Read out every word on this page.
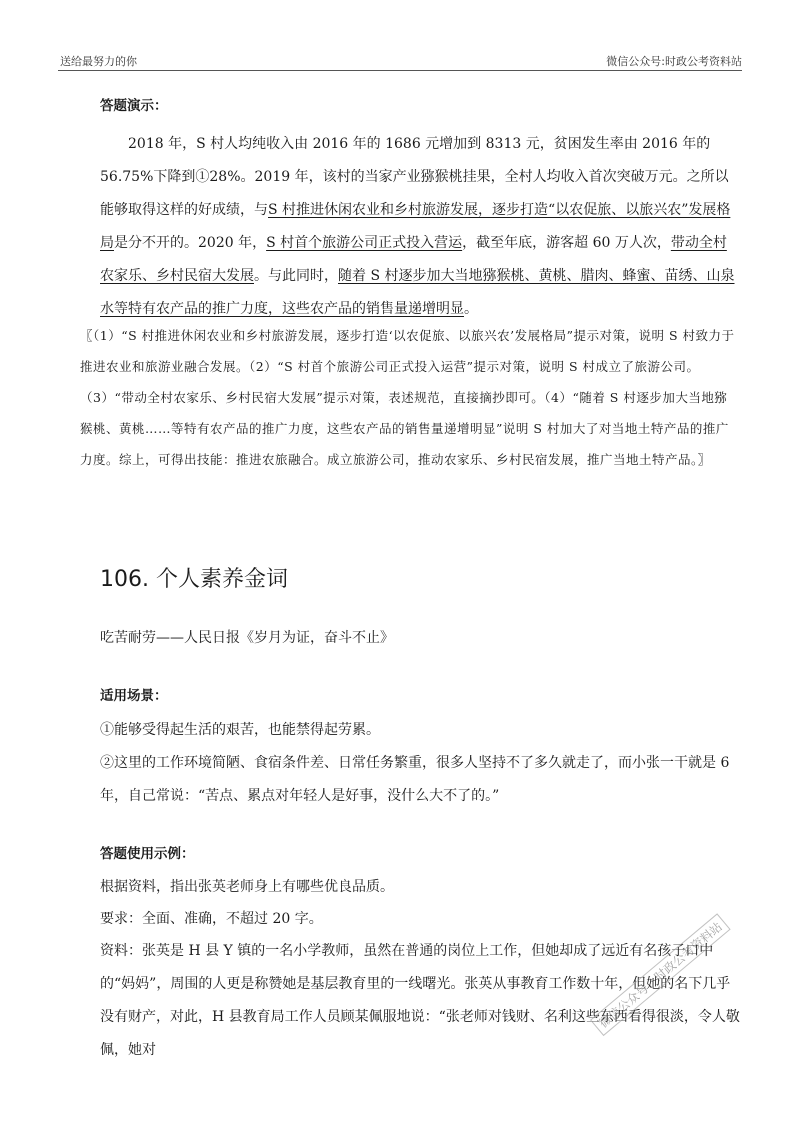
送给最努力的你	微信公众号:时政公考资料站

答题演示：

2018 年，S 村人均纯收入由 2016 年的 1686 元增加到 8313 元，贫困发生率由 2016 年的 56.75%下降到①28%。2019 年，该村的当家产业猕猴桃挂果，全村人均收入首次突破万元。之所以能够取得这样的好成绩，与S 村推进休闲农业和乡村旅游发展，逐步打造“以农促旅、以旅兴农”发展格局是分不开的。2020 年，S 村首个旅游公司正式投入营运，截至年底，游客超 60 万人次，带动全村农家乐、乡村民宿大发展。与此同时，随着 S 村逐步加大当地猕猴桃、黄桃、腊肉、蜂蜜、苗绣、山泉水等特有农产品的推广力度，这些农产品的销售量递增明显。

〖（1）“S 村推进休闲农业和乡村旅游发展，逐步打造‘以农促旅、以旅兴农’发展格局”提示对策，说明 S 村致力于推进农业和旅游业融合发展。（2）“S 村首个旅游公司正式投入运营”提示对策，说明 S 村成立了旅游公司。（3）“带动全村农家乐、乡村民宿大发展”提示对策，表述规范，直接摘抄即可。（4）“随着 S 村逐步加大当地猕猴桃、黄桃……等特有农产品的推广力度，这些农产品的销售量递增明显”说明 S 村加大了对当地土特产品的推广力度。综上，可得出技能：推进农旅融合。成立旅游公司，推动农家乐、乡村民宿发展，推广当地土特产品。〗

106. 个人素养金词

吃苦耐劳——人民日报《岁月为证，奋斗不止》

适用场景：

①能够受得起生活的艰苦，也能禁得起劳累。

②这里的工作环境简陋、食宿条件差、日常任务繁重，很多人坚持不了多久就走了，而小张一干就是 6 年，自己常说：“苦点、累点对年轻人是好事，没什么大不了的。”

答题使用示例：

根据资料，指出张英老师身上有哪些优良品质。

要求：全面、准确，不超过 20 字。

资料：张英是 H 县 Y 镇的一名小学教师，虽然在普通的岗位上工作，但她却成了远近有名孩子口中的“妈妈”，周围的人更是称赞她是基层教育里的一线曙光。张英从事教育工作数十年，但她的名下几乎没有财产，对此，H 县教育局工作人员顾某佩服地说：“张老师对钱财、名利这些东西看得很淡，令人敬佩，她对

微信公众号：时政公考资料站
